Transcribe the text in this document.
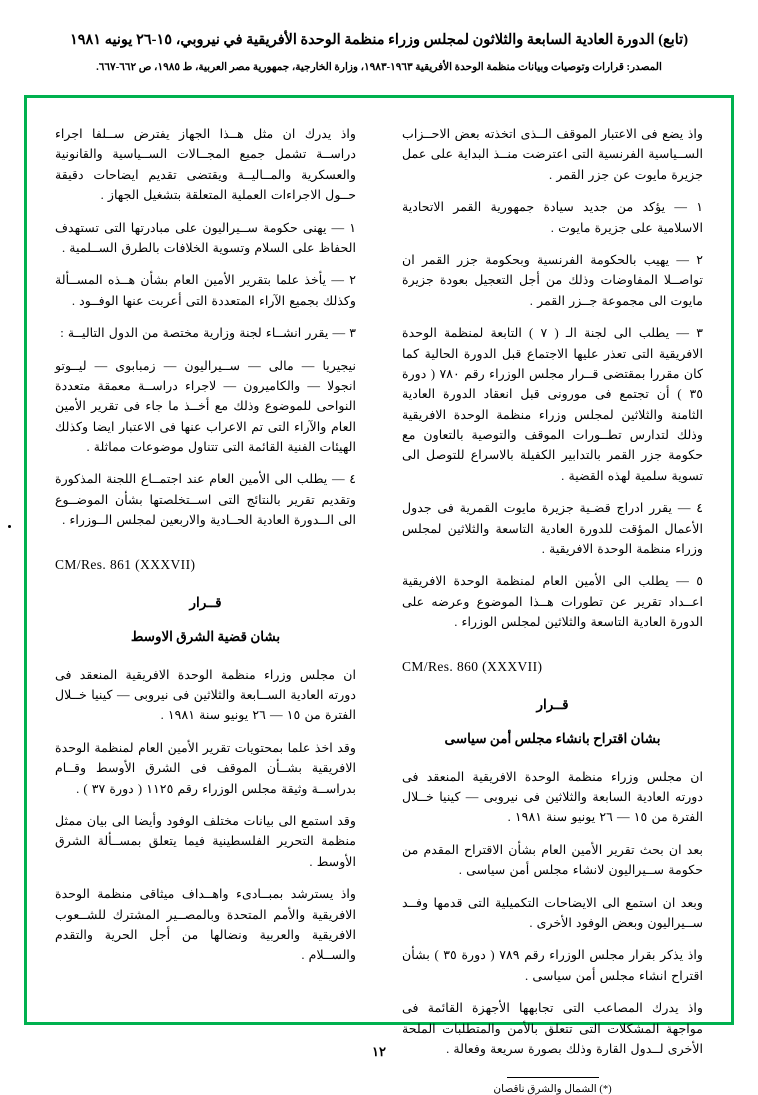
(تابع) الدورة العادية السابعة والثلاثون لمجلس وزراء منظمة الوحدة الأفريقية في نيروبي، ١٥-٢٦ يونيه ١٩٨١
المصدر: قرارات وتوصيات وبيانات منظمة الوحدة الأفريقية ١٩٦٣-١٩٨٣، وزارة الخارجية، جمهورية مصر العربية، ط ١٩٨٥، ص ٦٦٢-٦٦٧.

واذ يضع فى الاعتبار الموقف الــذى اتخذته بعض الاحــزاب الســياسية الفرنسية التى اعترضت منــذ البداية على عمل جزيرة مايوت عن جزر القمر .

١ — يؤكد من جديد سيادة جمهورية القمر الاتحادية الاسلامية على جزيرة مايوت .

٢ — يهيب بالحكومة الفرنسية وبحكومة جزر القمر ان تواصــلا المفاوضات وذلك من أجل التعجيل بعودة جزيرة مايوت الى مجموعة جــزر القمر .

٣ — يطلب الى لجنة الـ ( ٧ ) التابعة لمنظمة الوحدة الافريقية التى تعذر عليها الاجتماع قبل الدورة الحالية كما كان مقررا بمقتضى قــرار مجلس الوزراء رقم ٧٨٠ ( دورة ٣٥ ) أن تجتمع فى مورونى قبل انعقاد الدورة العادية الثامنة والثلاثين لمجلس وزراء منظمة الوحدة الافريقية وذلك لتدارس تطــورات الموقف والتوصية بالتعاون مع حكومة جزر القمر بالتدابير الكفيلة بالاسراع للتوصل الى تسوية سلمية لهذه القضية .

٤ — يقرر ادراج قضـية جزيرة مايوت القمرية فى جدول الأعمال المؤقت للدورة العادية التاسعة والثلاثين لمجلس وزراء منظمة الوحدة الافريقية .

٥ — يطلب الى الأمين العام لمنظمة الوحدة الافريقية اعــداد تقرير عن تطورات هــذا الموضوع وعرضه على الدورة العادية التاسعة والثلاثين لمجلس الوزراء .

CM/Res. 860 (XXXVII)
قــرار
بشان اقتراح بانشاء مجلس أمن سياسى

ان مجلس وزراء منظمة الوحدة الافريقية المنعقد فى دورته العادية السابعة والثلاثين فى نيروبى — كينيا خــلال الفترة من ١٥ — ٢٦ يونيو سنة ١٩٨١ .

بعد ان بحث تقرير الأمين العام بشأن الاقتراح المقدم من حكومة ســيراليون لانشاء مجلس أمن سياسى .

وبعد ان استمع الى الايضاحات التكميلية التى قدمها وفــد ســيراليون وبعض الوفود الأخرى .

واذ يذكر بقرار مجلس الوزراء رقم ٧٨٩ ( دورة ٣٥ ) بشأن اقتراح انشاء مجلس أمن سياسى .

واذ يدرك المصاعب التى تجابهها الأجهزة القائمة فى مواجهة المشكلات التى تتعلق بالأمن والمتطلبات الملحة الأخرى لــدول القارة وذلك بصورة سريعة وفعالة .

(*) الشمال والشرق ناقصان

واذ يدرك ان مثل هــذا الجهاز يفترض ســلفا اجراء دراســة تشمل جميع المجــالات الســياسية والقانونية والعسكرية والمــاليــة ويقتضى تقديم ايضاحات دقيقة حــول الاجراءات العملية المتعلقة بتشغيل الجهاز .

١ — يهنى حكومة ســيراليون على مبادرتها التى تستهدف الحفاظ على السلام وتسوية الخلافات بالطرق الســلمية .

٢ — يأخذ علما بتقرير الأمين العام بشأن هــذه المســألة وكذلك بجميع الآراء المتعددة التى أعربت عنها الوفــود .

٣ — يقرر انشــاء لجنة وزارية مختصة من الدول التاليــة :

نيجيريا — مالى — ســيراليون — زمبابوى — ليــوتو انجولا — والكاميرون — لاجراء دراســة معمقة متعددة النواحى للموضوع وذلك مع أخــذ ما جاء فى تقرير الأمين العام والآراء التى تم الاعراب عنها فى الاعتبار ايضا وكذلك الهيئات الفنية القائمة التى تتناول موضوعات مماثلة .

٤ — يطلب الى الأمين العام عند اجتمــاع اللجنة المذكورة وتقديم تقرير بالنتائج التى اســتخلصتها بشأن الموضــوع الى الــدورة العادية الحــادية والاربعين لمجلس الــوزراء .

CM/Res. 861 (XXXVII)
قــرار
بشان قضية الشرق الاوسط

ان مجلس وزراء منظمة الوحدة الافريقية المنعقد فى دورته العادية الســابعة والثلاثين فى نيروبى — كينيا خــلال الفترة من ١٥ — ٢٦ يونيو سنة ١٩٨١ .

وقد اخذ علما بمحتويات تقرير الأمين العام لمنظمة الوحدة الافريقية بشــأن الموقف فى الشرق الأوسط وقــام بدراســة وثيقة مجلس الوزراء رقم ١١٢٥ ( دورة ٣٧ ) .

وقد استمع الى بيانات مختلف الوفود وأيضا الى بيان ممثل منظمة التحرير الفلسطينية فيما يتعلق بمســألة الشرق الأوسط .

واذ يسترشد بمبــادىء واهــداف ميثاقى منظمة الوحدة الافريقية والأمم المتحدة وبالمصــير المشترك للشــعوب الافريقية والعربية ونضالها من أجل الحرية والتقدم والســلام .

١٢
